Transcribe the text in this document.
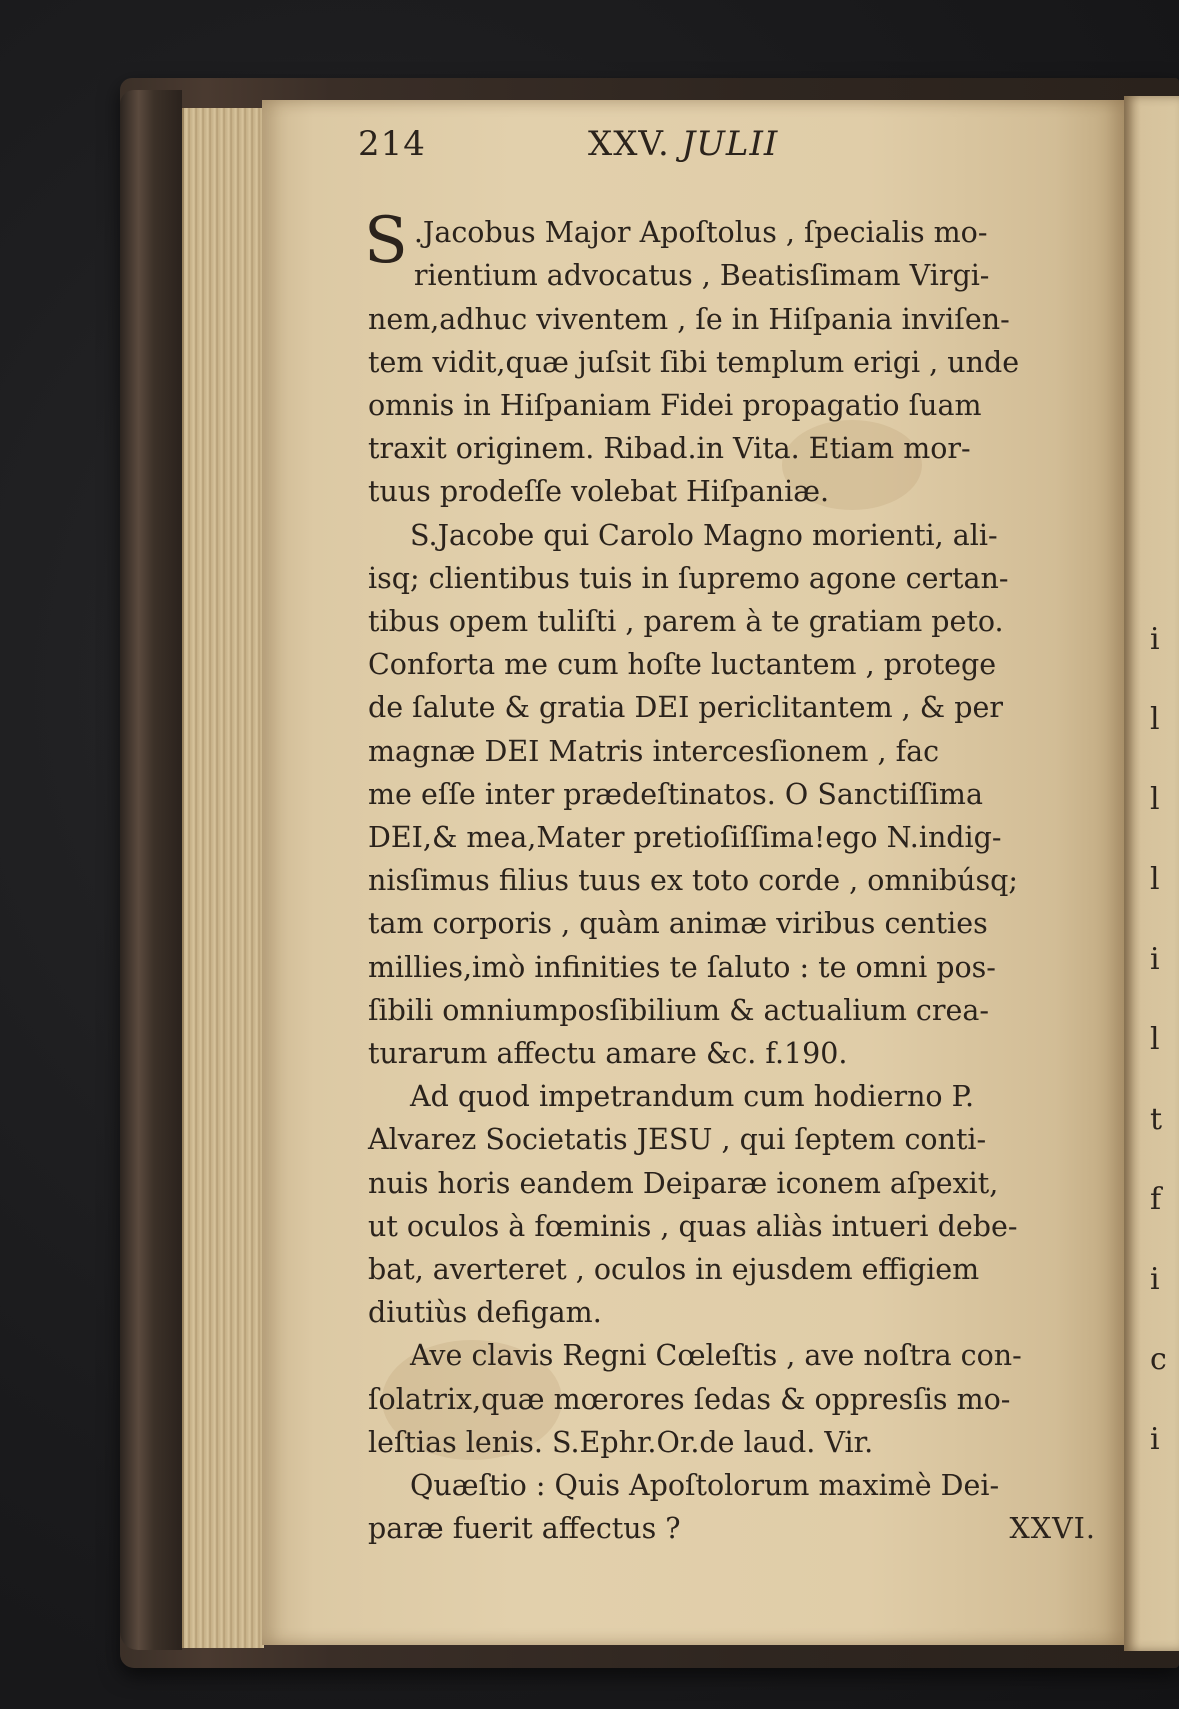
i
l
l
l
i
l
t
f
i
c
i
214	XXV. JULII

S .Jacobus Major Apoſtolus , ſpecialis mo-
rientium advocatus , Beatisſimam Virgi-
nem,adhuc viventem , ſe in Hiſpania inviſen-
tem vidit,quæ juſsit ſibi templum erigi , unde
omnis in Hiſpaniam Fidei propagatio ſuam
traxit originem. Ribad.in Vita. Etiam mor-
tuus prodeſſe volebat Hiſpaniæ.

S.Jacobe qui Carolo Magno morienti, ali-
isq; clientibus tuis in ſupremo agone certan-
tibus opem tuliſti , parem à te gratiam peto.
Conforta me cum hoſte luctantem , protege
de ſalute & gratia DEI periclitantem , & per
magnæ DEI Matris intercesſionem , fac
me eſſe inter prædeſtinatos. O Sanctiſſima
DEI,& mea,Mater pretioſiſſima!ego N.indig-
nisſimus filius tuus ex toto corde , omnibúsq;
tam corporis , quàm animæ viribus centies
millies,imò infinities te ſaluto : te omni pos-
ſibili omniumposſibilium & actualium crea-
turarum affectu amare &c. f.190.

Ad quod impetrandum cum hodierno P.
Alvarez Societatis JESU , qui ſeptem conti-
nuis horis eandem Deiparæ iconem aſpexit,
ut oculos à fœminis , quas aliàs intueri debe-
bat, averteret , oculos in ejusdem effigiem
diutiùs defigam.

Ave clavis Regni Cœleſtis , ave noſtra con-
ſolatrix,quæ mœrores ſedas & oppresſis mo-
leſtias lenis. S.Ephr.Or.de laud. Vir.

Quæſtio : Quis Apoſtolorum maximè Dei-

paræ fuerit affectus ?	XXVI.
